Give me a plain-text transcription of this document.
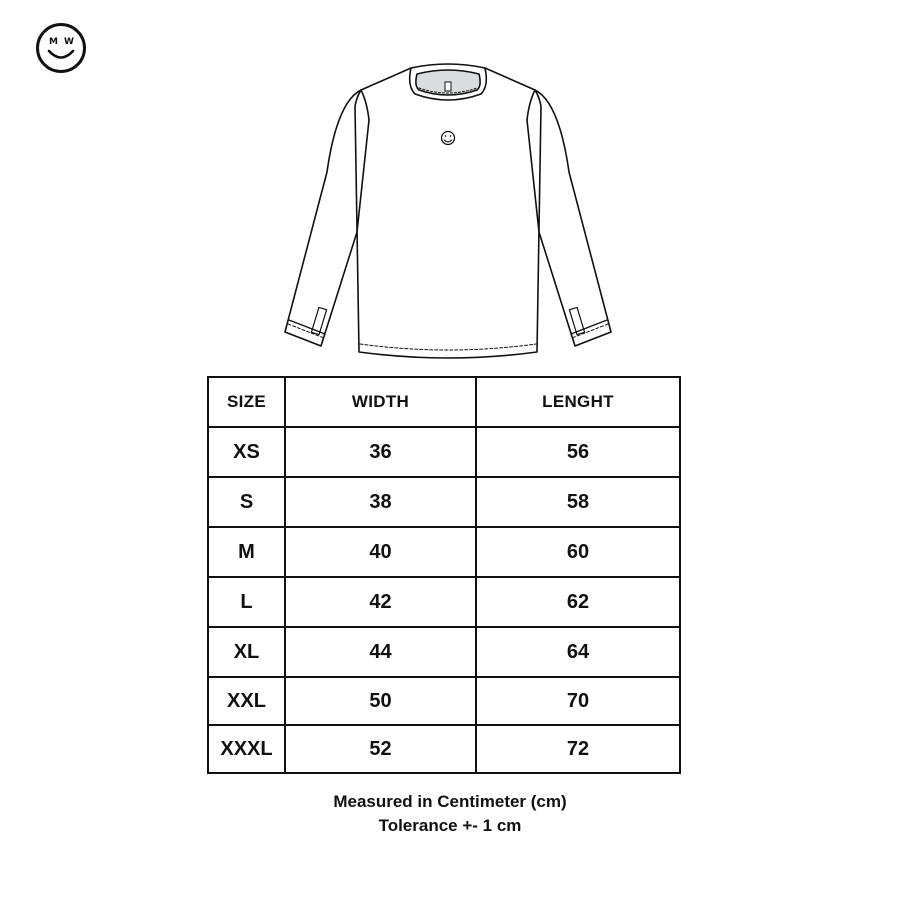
M W
SIZE	WIDTH	LENGHT
XS	36	56
S	38	58
M	40	60
L	42	62
XL	44	64
XXL	50	70
XXXL	52	72
Measured in Centimeter (cm)
Tolerance +- 1 cm
